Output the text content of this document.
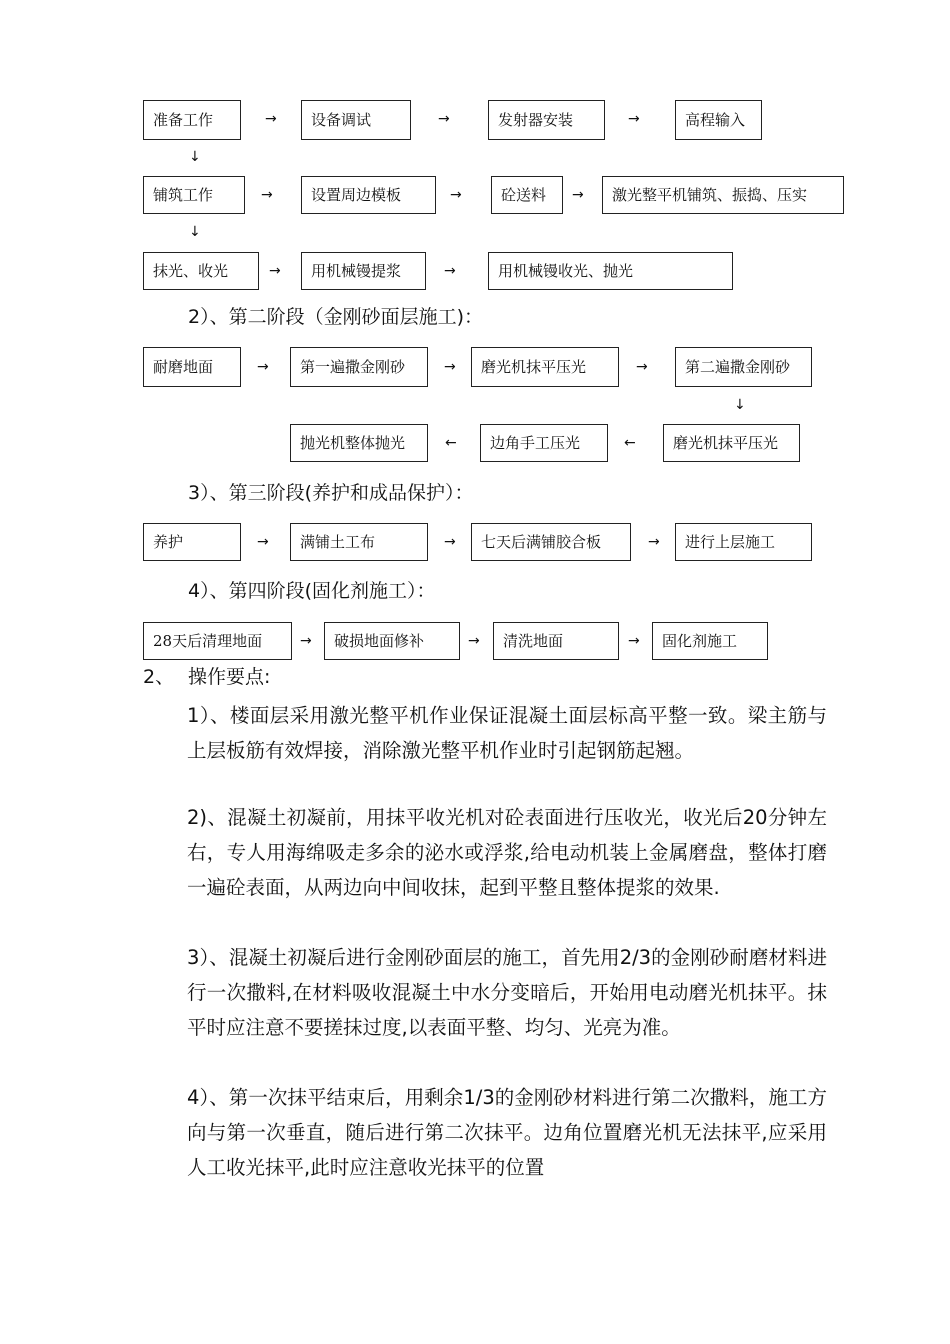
准备工作	→	设备调试	→	发射器安装	→	高程输入
↓
铺筑工作	→	设置周边模板	→	砼送料	→	激光整平机铺筑、振捣、压实
↓
抹光、收光	→	用机械镘提浆	→	用机械镘收光、抛光
2）、第二阶段（金刚砂面层施工)：
耐磨地面	→	第一遍撒金刚砂	→	磨光机抹平压光	→	第二遍撒金刚砂
↓
抛光机整体抛光	←	边角手工压光	←	磨光机抹平压光
3）、第三阶段(养护和成品保护）：
养护	→	满铺土工布	→	七天后满铺胶合板	→	进行上层施工
4）、第四阶段(固化剂施工）：
28天后清理地面	→	破损地面修补	→	清洗地面	→	固化剂施工
2、 操作要点:
1）、楼面层采用激光整平机作业保证混凝土面层标高平整一致。梁主筋与上层板筋有效焊接，消除激光整平机作业时引起钢筋起翘。
2)、混凝土初凝前，用抹平收光机对砼表面进行压收光，收光后20分钟左右，专人用海绵吸走多余的泌水或浮浆,给电动机装上金属磨盘，整体打磨一遍砼表面，从两边向中间收抹，起到平整且整体提浆的效果.
3）、混凝土初凝后进行金刚砂面层的施工，首先用2/3的金刚砂耐磨材料进行一次撒料,在材料吸收混凝土中水分变暗后，开始用电动磨光机抹平。抹平时应注意不要搓抹过度,以表面平整、均匀、光亮为准。
4）、第一次抹平结束后，用剩余1/3的金刚砂材料进行第二次撒料，施工方向与第一次垂直，随后进行第二次抹平。边角位置磨光机无法抹平,应采用人工收光抹平,此时应注意收光抹平的位置
